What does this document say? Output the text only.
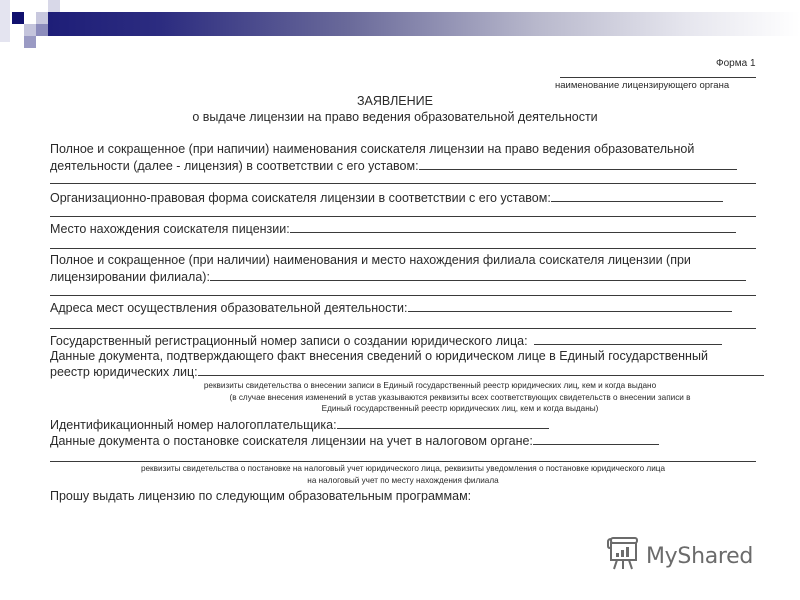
Форма 1
наименование лицензирующего органа
ЗАЯВЛЕНИЕ
о выдаче лицензии на право ведения образовательной деятельности
Полное и сокращенное (при напичии) наименования соискателя лицензии на право ведения образовательной
деятельности (далее - лицензия) в соответствии с его уставом:
Организационно-правовая форма соискателя лицензии в соответствии с его уставом:
Место нахождения соискателя пицензии:
Полное и сокращенное (при наличии) наименования и место нахождения филиала соискателя лицензии (при
лицензировании филиала):
Адреса мест осуществления образовательной деятельности:
Государственный регистрационный номер записи о создании юридического лица:
Данные документа, подтверждающего факт внесения сведений о юридическом лице в Единый государственный
реестр юридических лиц:
реквизиты свидетельства о внесении записи в Единый государственный реестр юридических лиц, кем и когда выдано
(в случае внесения изменений в устав указываются реквизиты всех соответствующих свидетельств о внесении записи в
Единый государственный реестр юридических лиц, кем и когда выданы)
Идентификационный номер налогоплательщика:
Данные документа о постановке соискателя лицензии на учет в налоговом органе:
реквизиты свидетельства о постановке на налоговый учет юридического лица, реквизиты уведомления о постановке юридического лица
на налоговый учет по месту нахождения филиала
Прошу выдать лицензию по следующим образовательным программам:
MyShared
